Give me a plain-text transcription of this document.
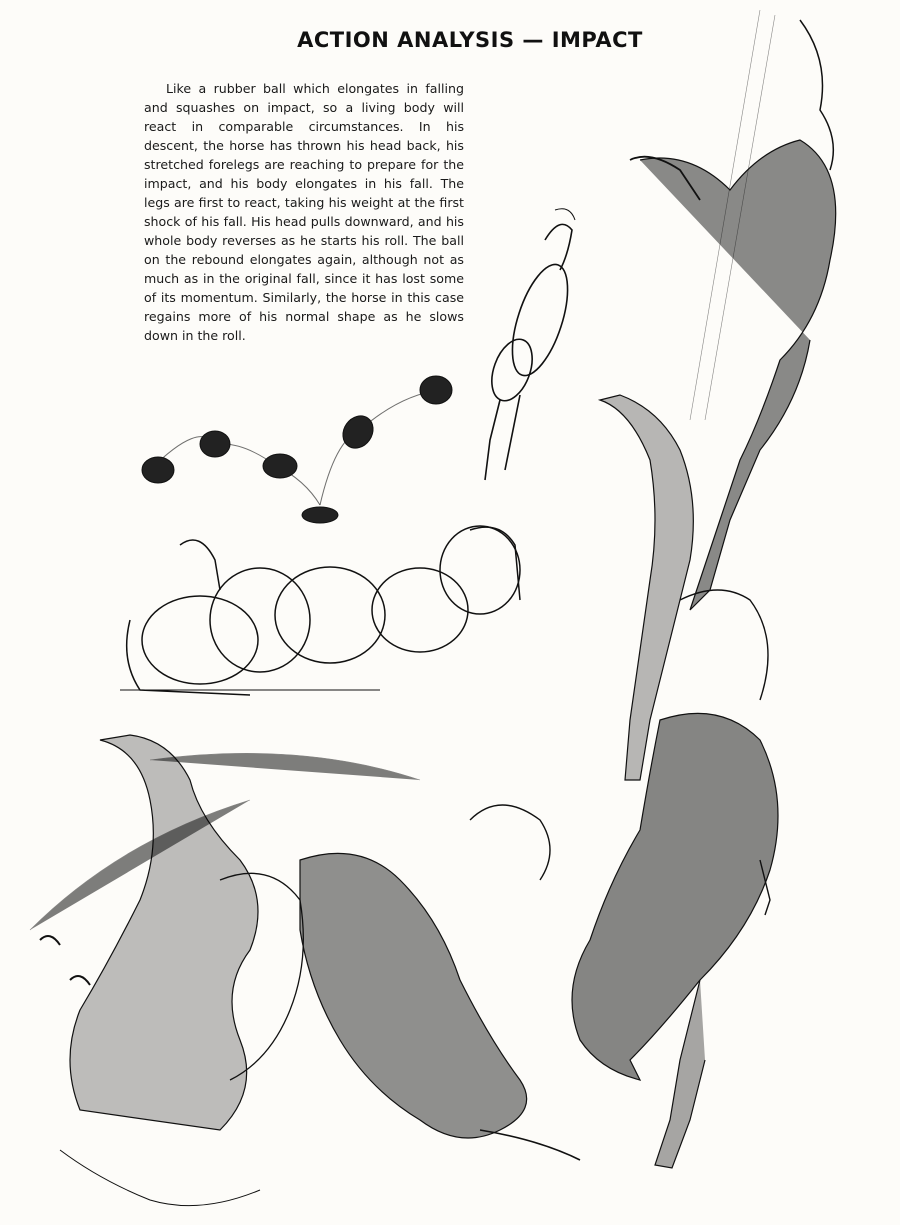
ACTION ANALYSIS — IMPACT

Like a rubber ball which elongates in falling and squashes on impact, so a living body will react in comparable circumstances. In his descent, the horse has thrown his head back, his stretched forelegs are reaching to prepare for the impact, and his body elongates in his fall. The legs are first to react, taking his weight at the first shock of his fall. His head pulls downward, and his whole body reverses as he starts his roll. The ball on the rebound elongates again, although not as much as in the original fall, since it has lost some of its momentum. Similarly, the horse in this case regains more of his normal shape as he slows down in the roll.
